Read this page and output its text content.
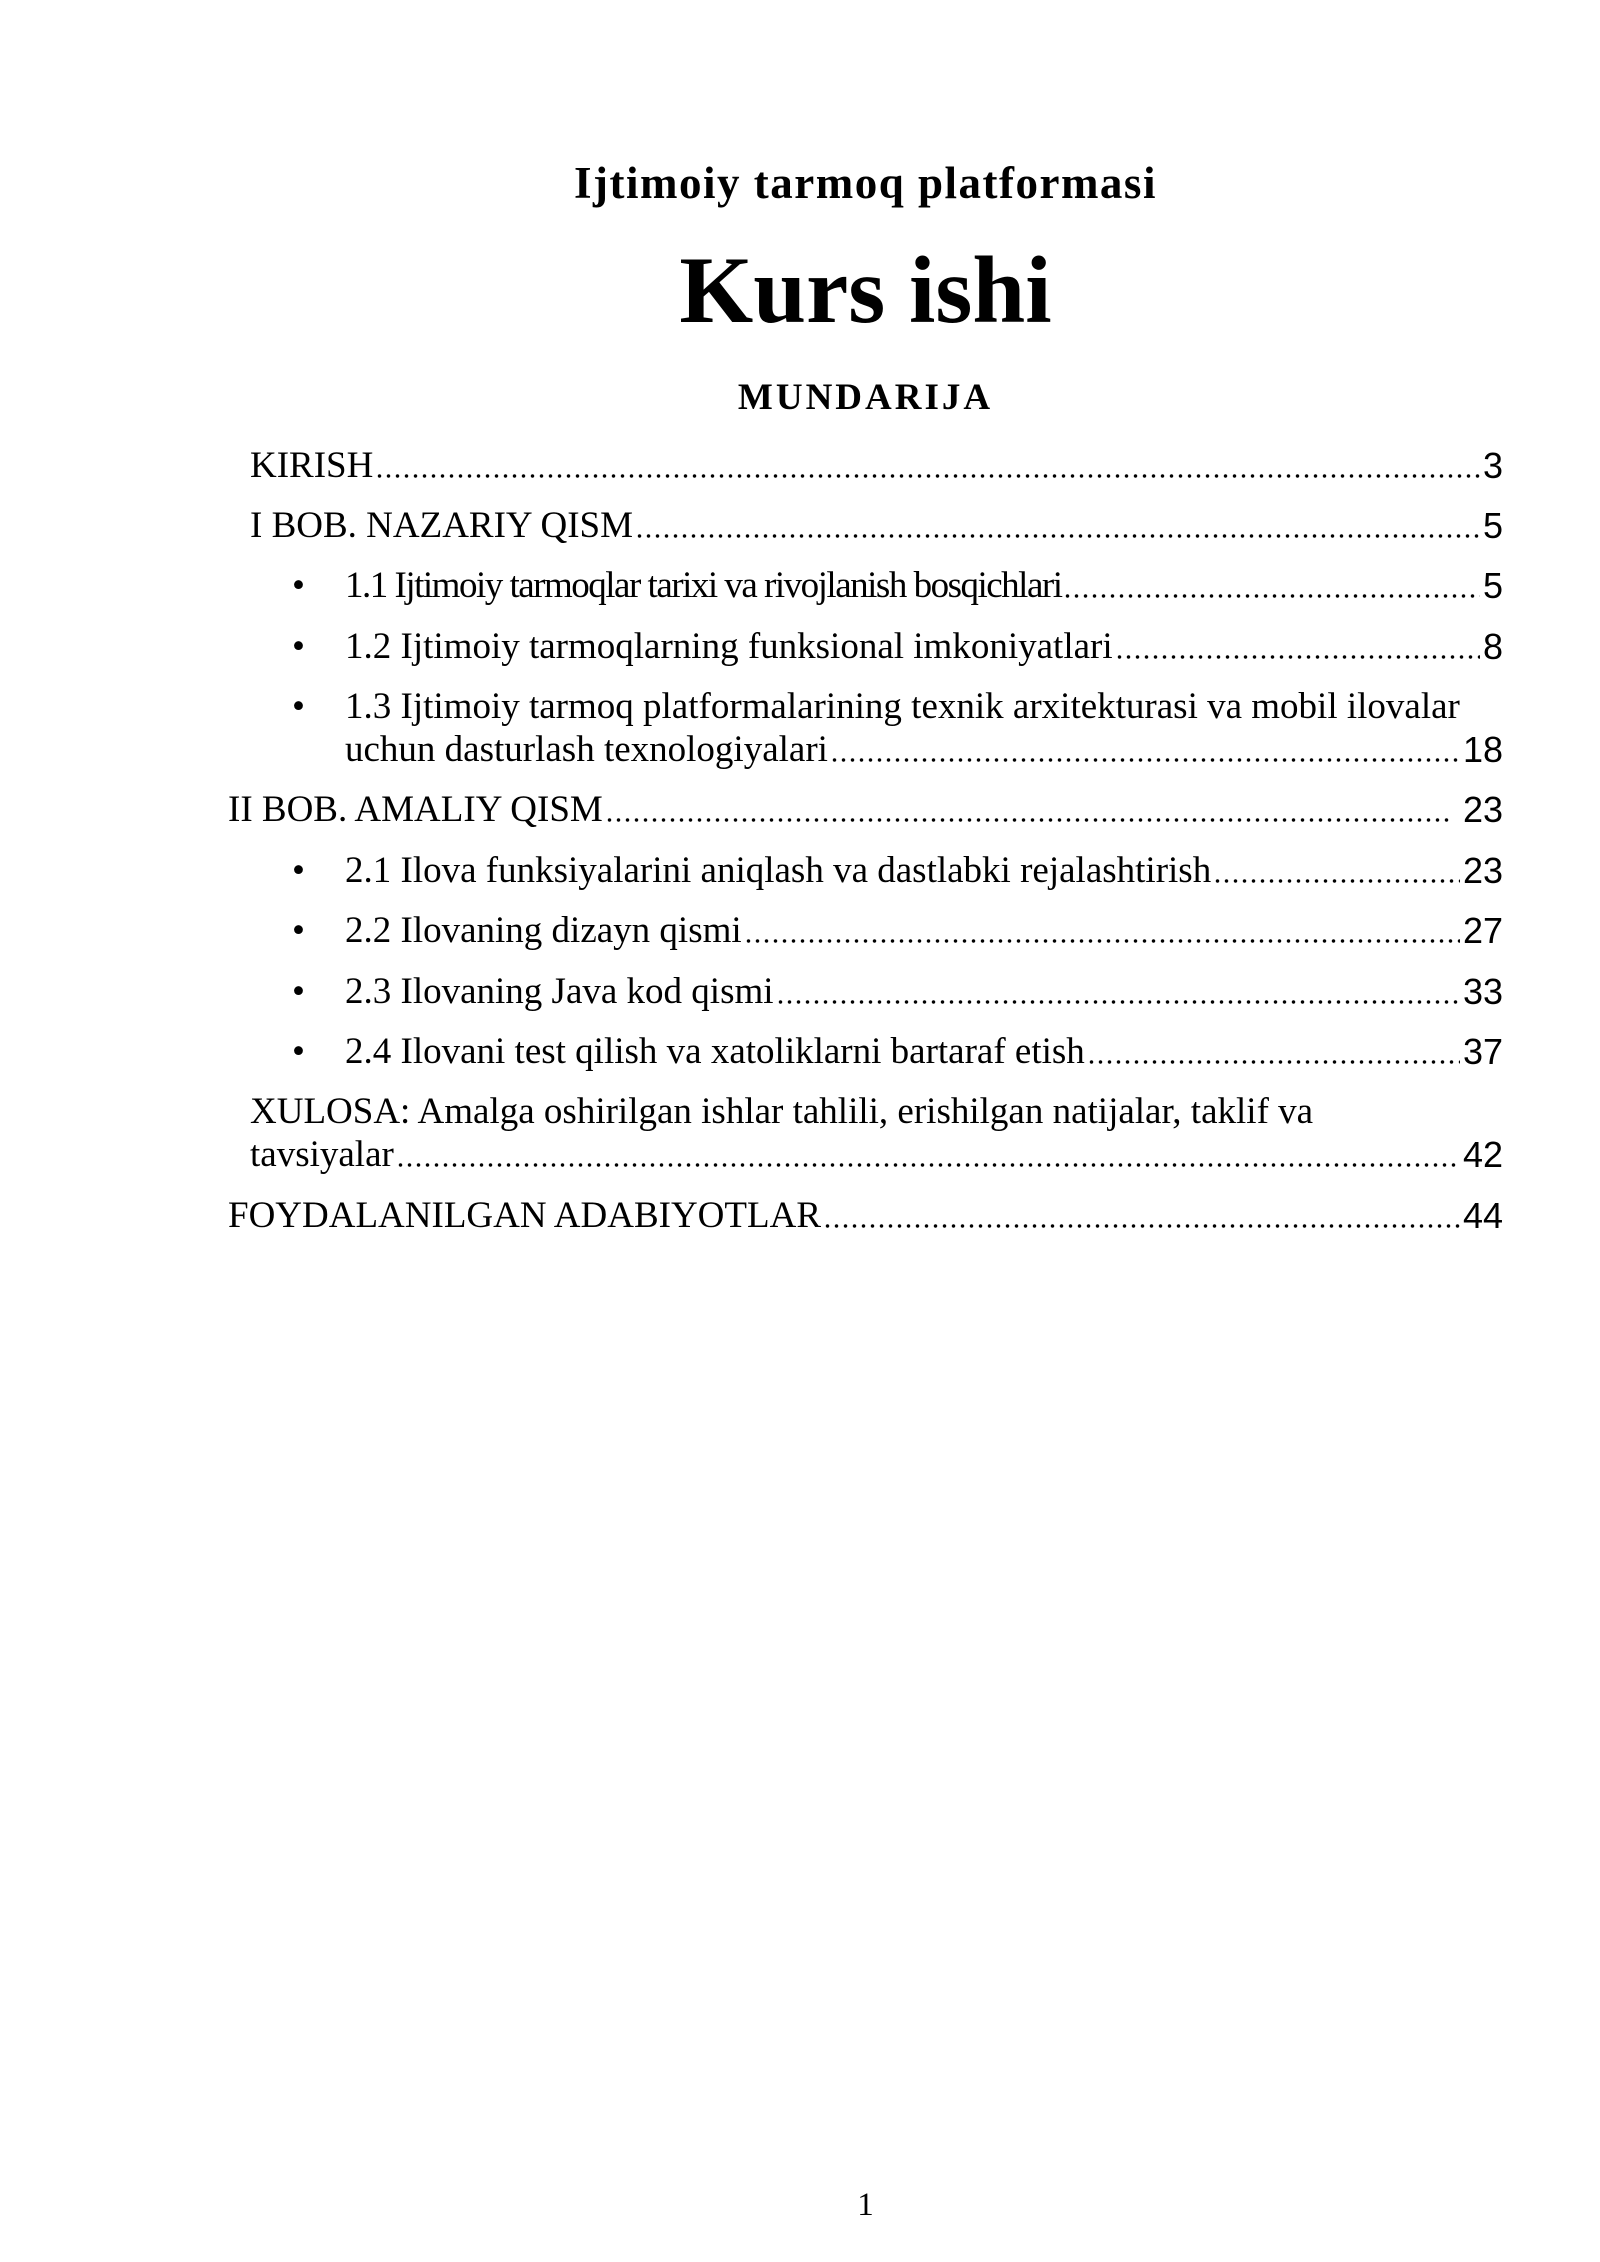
Ijtimoiy tarmoq platformasi
Kurs ishi
MUNDARIJA
KIRISH	3
I BOB. NAZARIY QISM	5
• 1.1 Ijtimoiy tarmoqlar tarixi va rivojlanish bosqichlari	5
• 1.2 Ijtimoiy tarmoqlarning funksional imkoniyatlari	8
• 1.3 Ijtimoiy tarmoq platformalarining texnik arxitekturasi va mobil ilovalar
uchun dasturlash texnologiyalari	18
II BOB. AMALIY QISM	23
• 2.1 Ilova funksiyalarini aniqlash va dastlabki rejalashtirish	23
• 2.2 Ilovaning dizayn qismi	27
• 2.3 Ilovaning Java kod qismi	33
• 2.4 Ilovani test qilish va xatoliklarni bartaraf etish	37
XULOSA: Amalga oshirilgan ishlar tahlili, erishilgan natijalar, taklif va
tavsiyalar	42
FOYDALANILGAN ADABIYOTLAR	44
1
